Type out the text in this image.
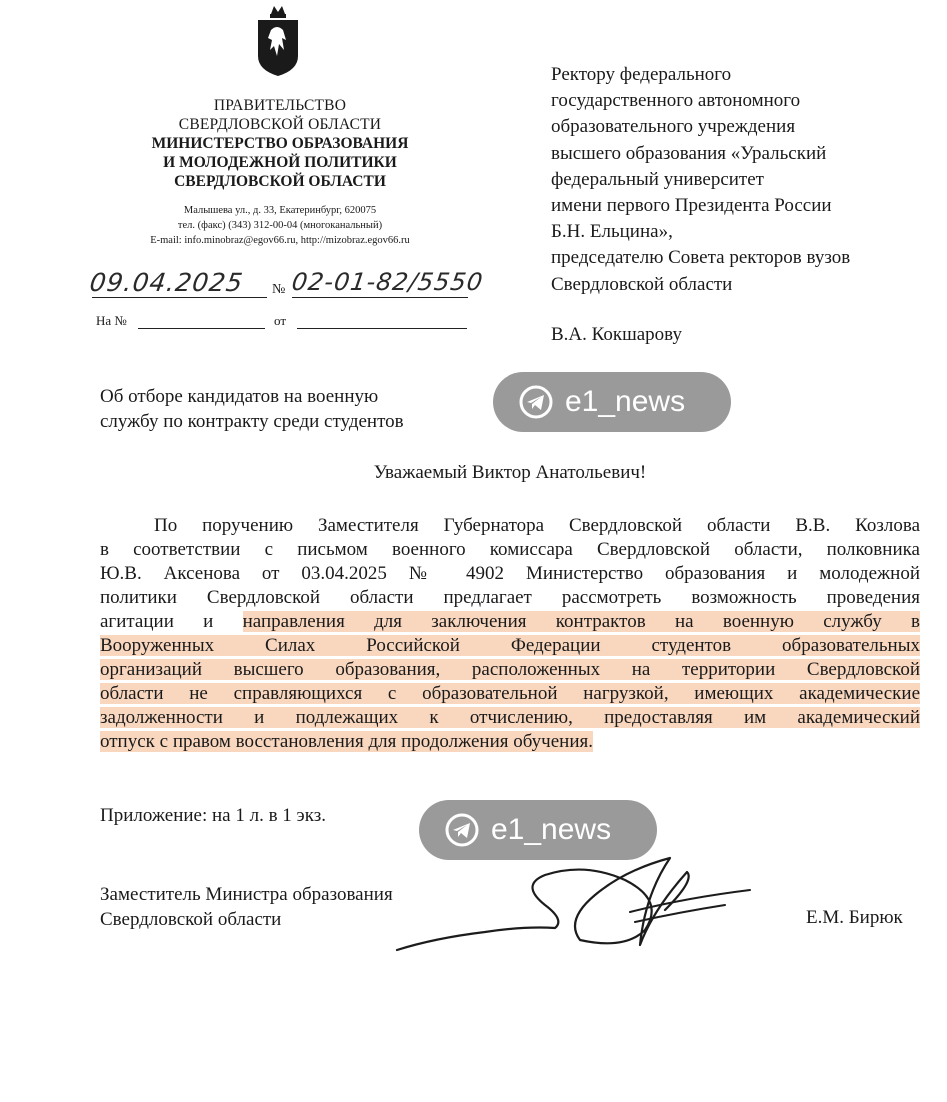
ПРАВИТЕЛЬСТВО
СВЕРДЛОВСКОЙ ОБЛАСТИ
МИНИСТЕРСТВО ОБРАЗОВАНИЯ
И МОЛОДЕЖНОЙ ПОЛИТИКИ
СВЕРДЛОВСКОЙ ОБЛАСТИ
Малышева ул., д. 33, Екатеринбург, 620075
тел. (факс) (343) 312-00-04 (многоканальный)
E-mail: info.minobraz@egov66.ru, http://mizobraz.egov66.ru
09.04.2025 № 02-01-82/5550
На №	от
Ректору федерального
государственного автономного
образовательного учреждения
высшего образования «Уральский
федеральный университет
имени первого Президента России
Б.Н. Ельцина»,
председателю Совета ректоров вузов
Свердловской области
В.А. Кокшарову
Об отборе кандидатов на военную
службу по контракту среди студентов
e1_news
e1_news
Уважаемый Виктор Анатольевич!
По поручению Заместителя Губернатора Свердловской области В.В. Козлова
в соответствии с письмом военного комиссара Свердловской области, полковника
Ю.В. Аксенова от 03.04.2025 № 4902 Министерство образования и молодежной
политики Свердловской области предлагает рассмотреть возможность проведения
агитации и направления для заключения контрактов на военную службу в
Вооруженных Силах Российской Федерации студентов образовательных
организаций высшего образования, расположенных на территории Свердловской
области не справляющихся с образовательной нагрузкой, имеющих академические
задолженности и подлежащих к отчислению, предоставляя им академический
отпуск с правом восстановления для продолжения обучения.
Приложение: на 1 л. в 1 экз.
Заместитель Министра образования
Свердловской области	Е.М. Бирюк
